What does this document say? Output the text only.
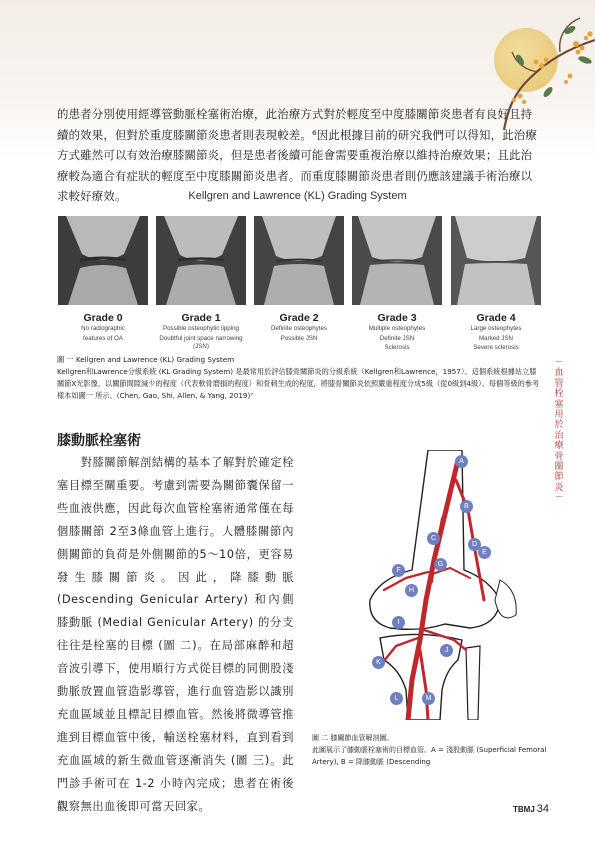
的患者分別使用經導管動脈栓塞術治療，此治療方式對於輕度至中度膝關節炎患者有良好且持續的效果，但對於重度膝關節炎患者則表現較差。⁶因此根據目前的研究我們可以得知，此治療方式雖然可以有效治療膝關節炎，但是患者後續可能會需要重複治療以維持治療效果；且此治療較為適合有症狀的輕度至中度膝關節炎患者。而重度膝關節炎患者則仍應該建議手術治療以求較好療效。	Kellgren and Lawrence (KL) Grading System
Grade 0
No radiographic
features of OA
Grade 1
Possible osteophytic lipping
Doubtful joint space narrowing (JSN)
Grade 2
Definite osteophytes
Possible JSN
Grade 3
Multiple osteophytes
Definite JSN
Sclerosis
Grade 4
Large osteophytes
Marked JSN
Severe sclerosis
圖 一 Kellgren and Lawrence (KL) Grading System
Kellgren和Lawrence分級系統 (KL Grading System) 是最常用於評估膝骨關節炎的分級系統（Kellgren和Lawrence，1957）。這個系統根據站立膝關節X光影像，以關節間隙減少的程度（代表軟骨磨損的程度）和骨刺生成的程度，將膝骨關節炎依照嚴重程度分成5級（從0級到4級）。每個等級的參考樣本如圖一 所示。(Chen, Gao, Shi, Allen, & Yang, 2019)⁷
－血管栓塞用於治療骨關節炎－
膝動脈栓塞術

　　對膝關節解剖結構的基本了解對於確定栓塞目標至關重要。考慮到需要為關節囊保留一些血液供應，因此每次血管栓塞術通常僅在每個膝關節 2至3條血管上進行。人體膝關節內側關節的負荷是外側關節的5～10倍，更容易發生膝關節炎。因此，降膝動脈 (Descending Genicular Artery) 和內側膝動脈 (Medial Genicular Artery) 的分支往往是栓塞的目標 (圖 二)。在局部麻醉和超音波引導下，使用順行方式從目標的同側股淺動脈放置血管造影導管，進行血管造影以識別充血區域並且標記目標血管。然後將微導管推進到目標血管中後，輸送栓塞材料，直到看到充血區域的新生微血管逐漸消失 (圖 三)。此門診手術可在 1-2 小時內完成；患者在術後觀察無出血後即可當天回家。

A
B
C
D
E
F
G
H
I
J
K
L	M
圖 二 膝關節血管解剖圖。
此圖展示了膝動脈栓塞術的目標血管。A = 淺股動脈 (Superficial Femoral Artery), B = 降膝動脈 (Descending
TBMJ 34
